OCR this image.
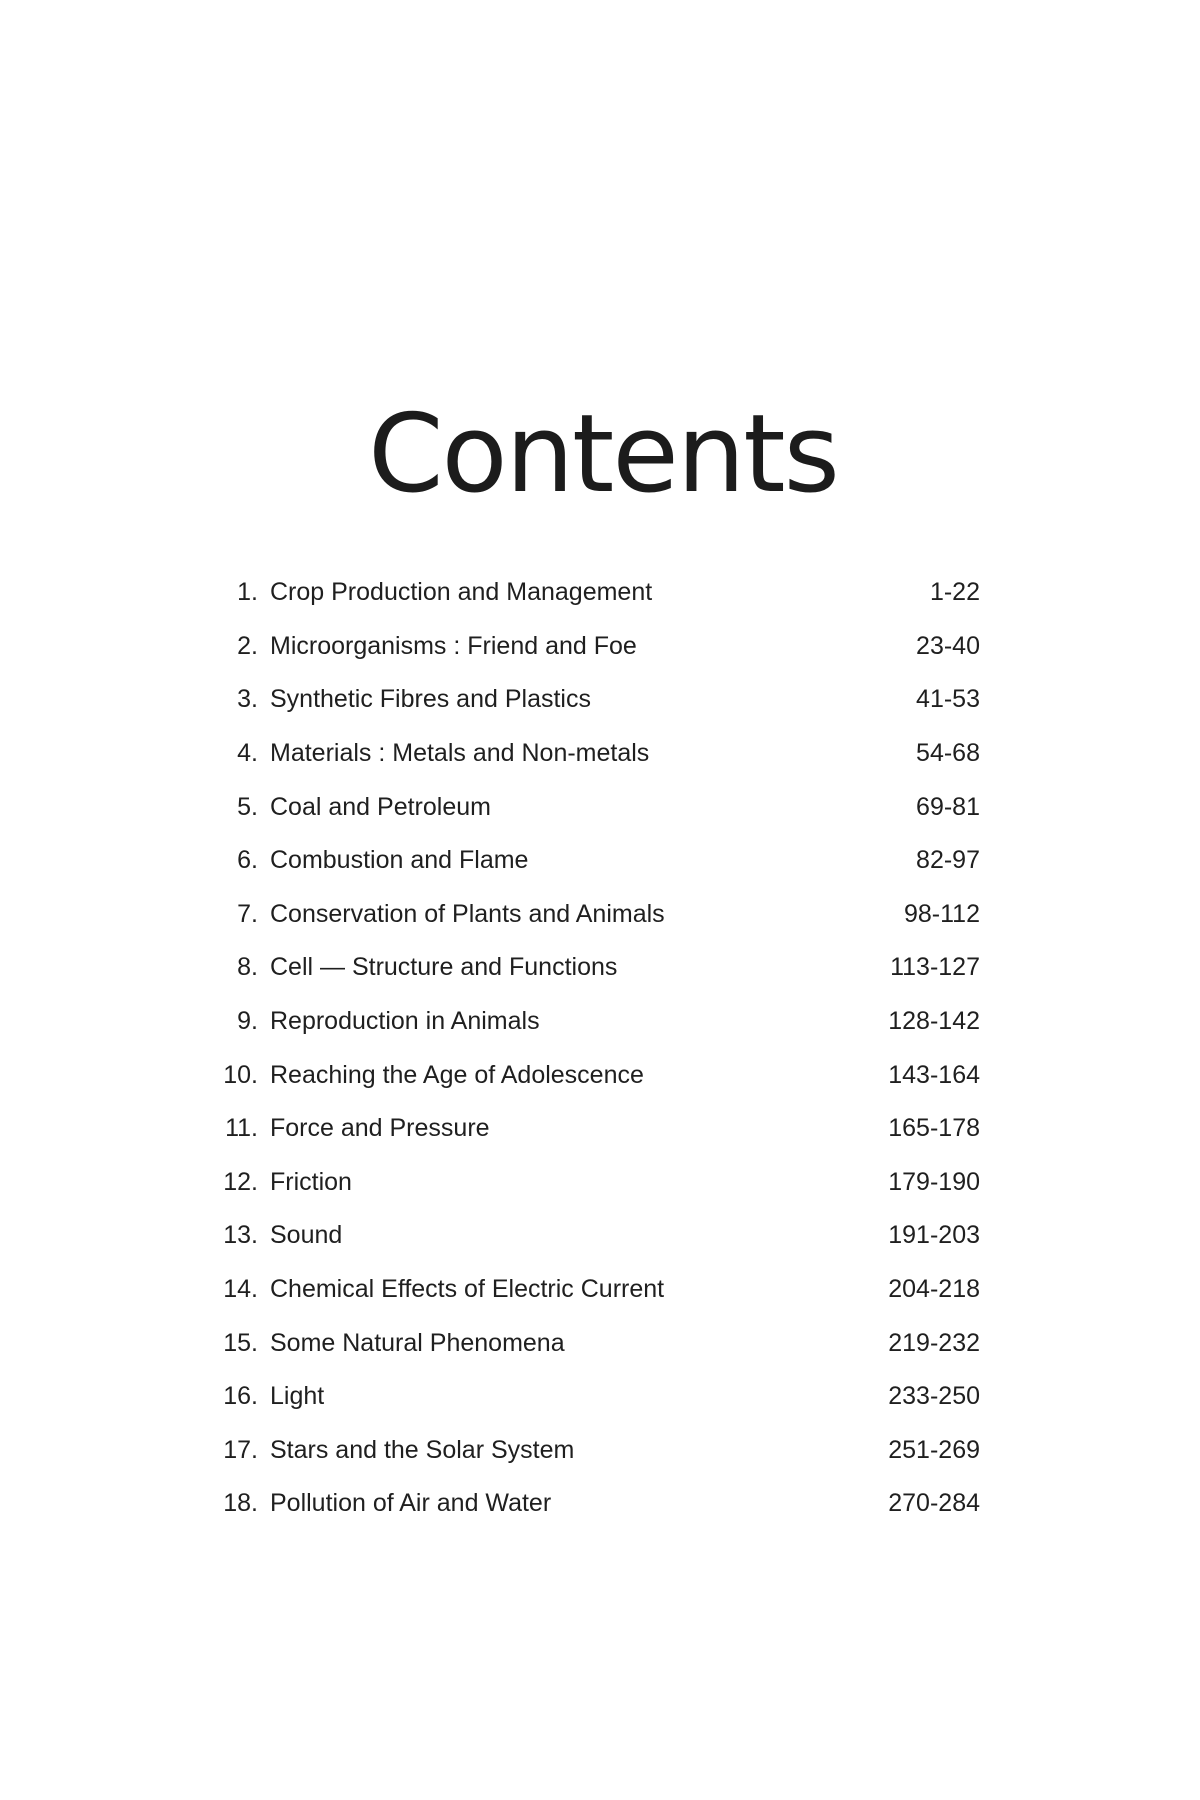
Contents
1. Crop Production and Management	1-22
2. Microorganisms : Friend and Foe	23-40
3. Synthetic Fibres and Plastics	41-53
4. Materials : Metals and Non-metals	54-68
5. Coal and Petroleum	69-81
6. Combustion and Flame	82-97
7. Conservation of Plants and Animals	98-112
8. Cell — Structure and Functions	113-127
9. Reproduction in Animals	128-142
10. Reaching the Age of Adolescence	143-164
11. Force and Pressure	165-178
12. Friction	179-190
13. Sound	191-203
14. Chemical Effects of Electric Current	204-218
15. Some Natural Phenomena	219-232
16. Light	233-250
17. Stars and the Solar System	251-269
18. Pollution of Air and Water	270-284
